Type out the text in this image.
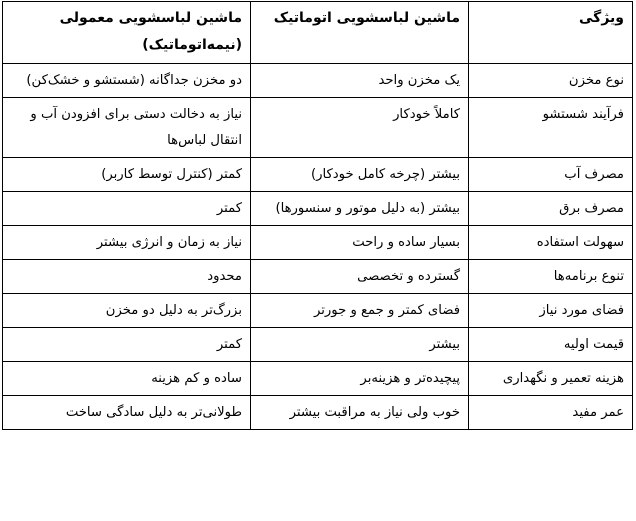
ویژگی	ماشین لباسشویی اتوماتیک	ماشین لباسشویی معمولی (نیمه‌اتوماتیک)
نوع مخزن	یک مخزن واحد	دو مخزن جداگانه (شستشو و خشک‌کن)
فرآیند شستشو	کاملاً خودکار	نیاز به دخالت دستی برای افزودن آب و انتقال لباس‌ها
مصرف آب	بیشتر (چرخه کامل خودکار)	کمتر (کنترل توسط کاربر)
مصرف برق	بیشتر (به دلیل موتور و سنسورها)	کمتر
سهولت استفاده	بسیار ساده و راحت	نیاز به زمان و انرژی بیشتر
تنوع برنامه‌ها	گسترده و تخصصی	محدود
فضای مورد نیاز	فضای کمتر و جمع و جورتر	بزرگ‌تر به دلیل دو مخزن
قیمت اولیه	بیشتر	کمتر
هزینه تعمیر و نگهداری	پیچیده‌تر و هزینه‌بر	ساده و کم هزینه
عمر مفید	خوب ولی نیاز به مراقبت بیشتر	طولانی‌تر به دلیل سادگی ساخت
